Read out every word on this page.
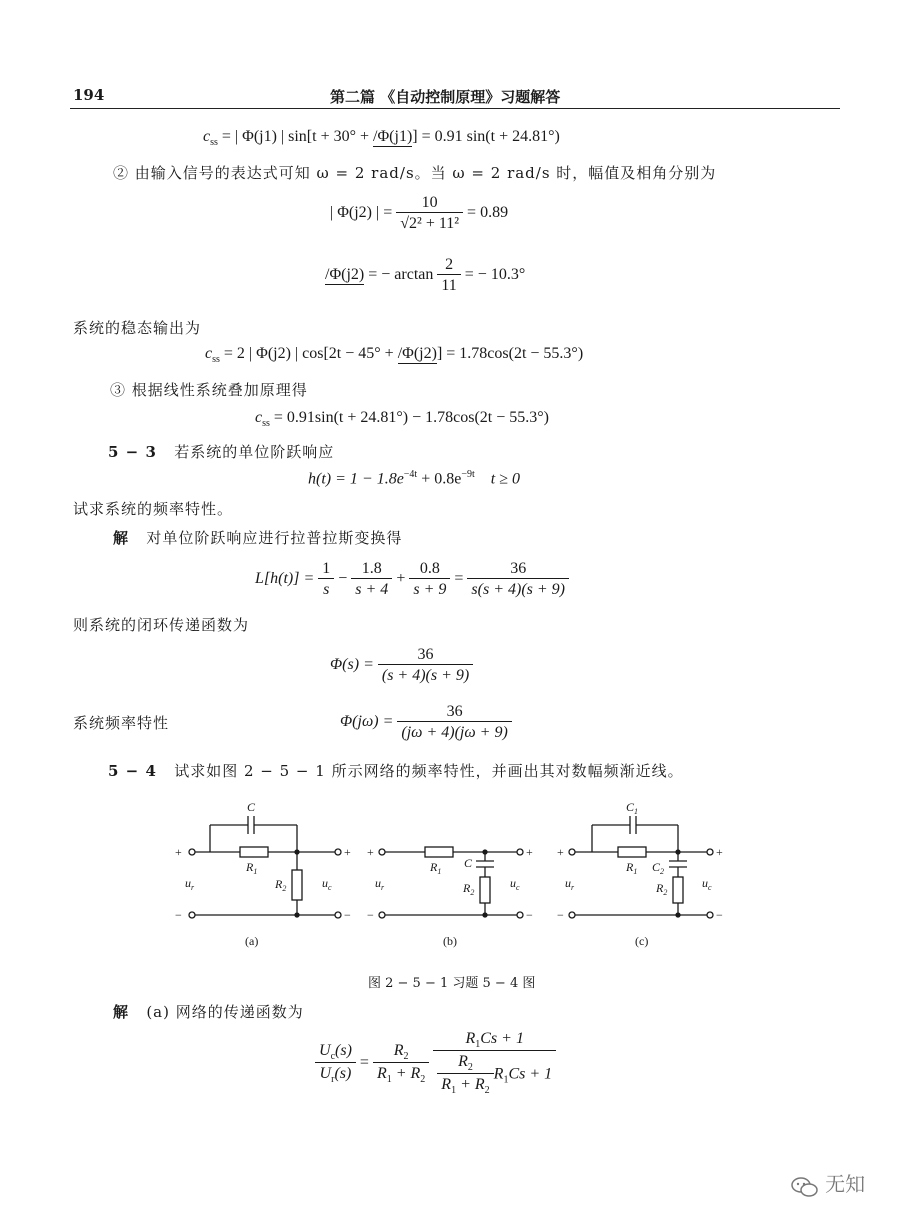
194	第二篇 《自动控制原理》习题解答
$c_{ss}$ = | Φ(j1) | sin[t + 30° + /Φ(j1)] = 0.91 sin(t + 24.81°)
② 由输入信号的表达式可知 ω = 2 rad/s。当 ω = 2 rad/s 时，幅值及相角分别为
| Φ(j2) | = $\frac{10}{\text{√2² + 11²}} = 0.89$
/Φ(j2) = − $\arctan \frac{2}{11}$ = − 10.3°
系统的稳态输出为
$c_{ss} = 2$ | Φ(j2) | cos[2t − 45° + /Φ(j2)] = 1.78cos(2t − 55.3°)
③ 根据线性系统叠加原理得
$c_{ss} = 0.91\sin(t + 24.81^\circ) - 1.78\cos(2t - 55.3^\circ)$
5 − 3 若系统的单位阶跃响应
$h(t) = 1 - 1.8e^{-4t} + 0.8e^{-9t}$ t ≥ 0
试求系统的频率特性。
解 对单位阶跃响应进行拉普拉斯变换得
$L[h(t)] = \frac{1}{s} - \frac{1.8}{s + 4} + \frac{0.8}{s + 9} = \frac{36}{s(s + 4)(s + 9)}$
则系统的闭环传递函数为
$\Phi(s) = \frac{36}{(s + 4)(s + 9)}$
系统频率特性	$\Phi(j\omega) = \frac{36}{(j\omega + 4)(j\omega + 9)}$
5 − 4 试求如图 2 − 5 − 1 所示网络的频率特性，并画出其对数幅频渐近线。
+	+
−	−
C
$R_1$
$R_2$
$u_r$	$u_c$
(a)
+	+
−	−
C
$R_1$
$R_2$
$u_r$	$u_c$
(b)
+	+
−	−
$C_1$
$C_2$
$R_1$
$R_2$
$u_r$	$u_c$
(c)
图 2 − 5 − 1 习题 5 − 4 图
解 (a) 网络的传递函数为
$\frac{U_c(s)}{U_r(s)} = \frac{R_2}{R_1 + R_2}$
$\frac{R_1Cs + 1}{\frac{R_2}{R_1 + R_2} R_1Cs + 1}$
无知
